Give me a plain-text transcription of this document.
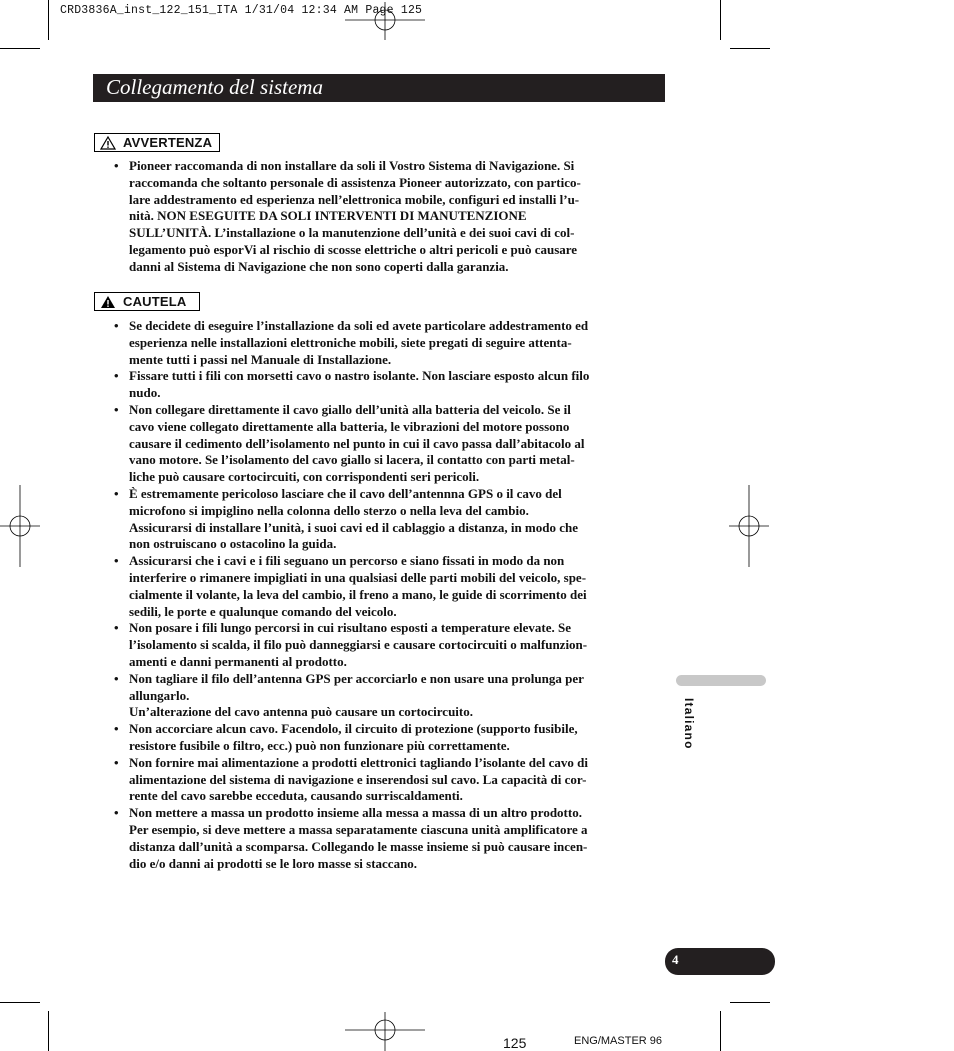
CRD3836A_inst_122_151_ITA 1/31/04 12:34 AM Page 125
Collegamento del sistema
AVVERTENZA
• Pioneer raccomanda di non installare da soli il Vostro Sistema di Navigazione. Si
raccomanda che soltanto personale di assistenza Pioneer autorizzato, con partico-
lare addestramento ed esperienza nell’elettronica mobile, configuri ed installi l’u-
nità. NON ESEGUITE DA SOLI INTERVENTI DI MANUTENZIONE
SULL’UNITÀ. L’installazione o la manutenzione dell’unità e dei suoi cavi di col-
legamento può esporVi al rischio di scosse elettriche o altri pericoli e può causare
danni al Sistema di Navigazione che non sono coperti dalla garanzia.
CAUTELA
• Se decidete di eseguire l’installazione da soli ed avete particolare addestramento ed
esperienza nelle installazioni elettroniche mobili, siete pregati di seguire attenta-
mente tutti i passi nel Manuale di Installazione.
• Fissare tutti i fili con morsetti cavo o nastro isolante. Non lasciare esposto alcun filo
nudo.
• Non collegare direttamente il cavo giallo dell’unità alla batteria del veicolo. Se il
cavo viene collegato direttamente alla batteria, le vibrazioni del motore possono
causare il cedimento dell’isolamento nel punto in cui il cavo passa dall’abitacolo al
vano motore. Se l’isolamento del cavo giallo si lacera, il contatto con parti metal-
liche può causare cortocircuiti, con corrispondenti seri pericoli.
• È estremamente pericoloso lasciare che il cavo dell’antennna GPS o il cavo del
microfono si impiglino nella colonna dello sterzo o nella leva del cambio.
Assicurarsi di installare l’unità, i suoi cavi ed il cablaggio a distanza, in modo che
non ostruiscano o ostacolino la guida.
• Assicurarsi che i cavi e i fili seguano un percorso e siano fissati in modo da non
interferire o rimanere impigliati in una qualsiasi delle parti mobili del veicolo, spe-
cialmente il volante, la leva del cambio, il freno a mano, le guide di scorrimento dei
sedili, le porte e qualunque comando del veicolo.
• Non posare i fili lungo percorsi in cui risultano esposti a temperature elevate. Se
l’isolamento si scalda, il filo può danneggiarsi e causare cortocircuiti o malfunzion-
amenti e danni permanenti al prodotto.
• Non tagliare il filo dell’antenna GPS per accorciarlo e non usare una prolunga per
allungarlo.
Un’alterazione del cavo antenna può causare un cortocircuito.
• Non accorciare alcun cavo. Facendolo, il circuito di protezione (supporto fusibile,
resistore fusibile o filtro, ecc.) può non funzionare più correttamente.
• Non fornire mai alimentazione a prodotti elettronici tagliando l’isolante del cavo di
alimentazione del sistema di navigazione e inserendosi sul cavo. La capacità di cor-
rente del cavo sarebbe ecceduta, causando surriscaldamenti.
• Non mettere a massa un prodotto insieme alla messa a massa di un altro prodotto.
Per esempio, si deve mettere a massa separatamente ciascuna unità amplificatore a
distanza dall’unità a scomparsa. Collegando le masse insieme si può causare incen-
dio e/o danni ai prodotti se le loro masse si staccano.
Italiano
4
125	ENG/MASTER 96
